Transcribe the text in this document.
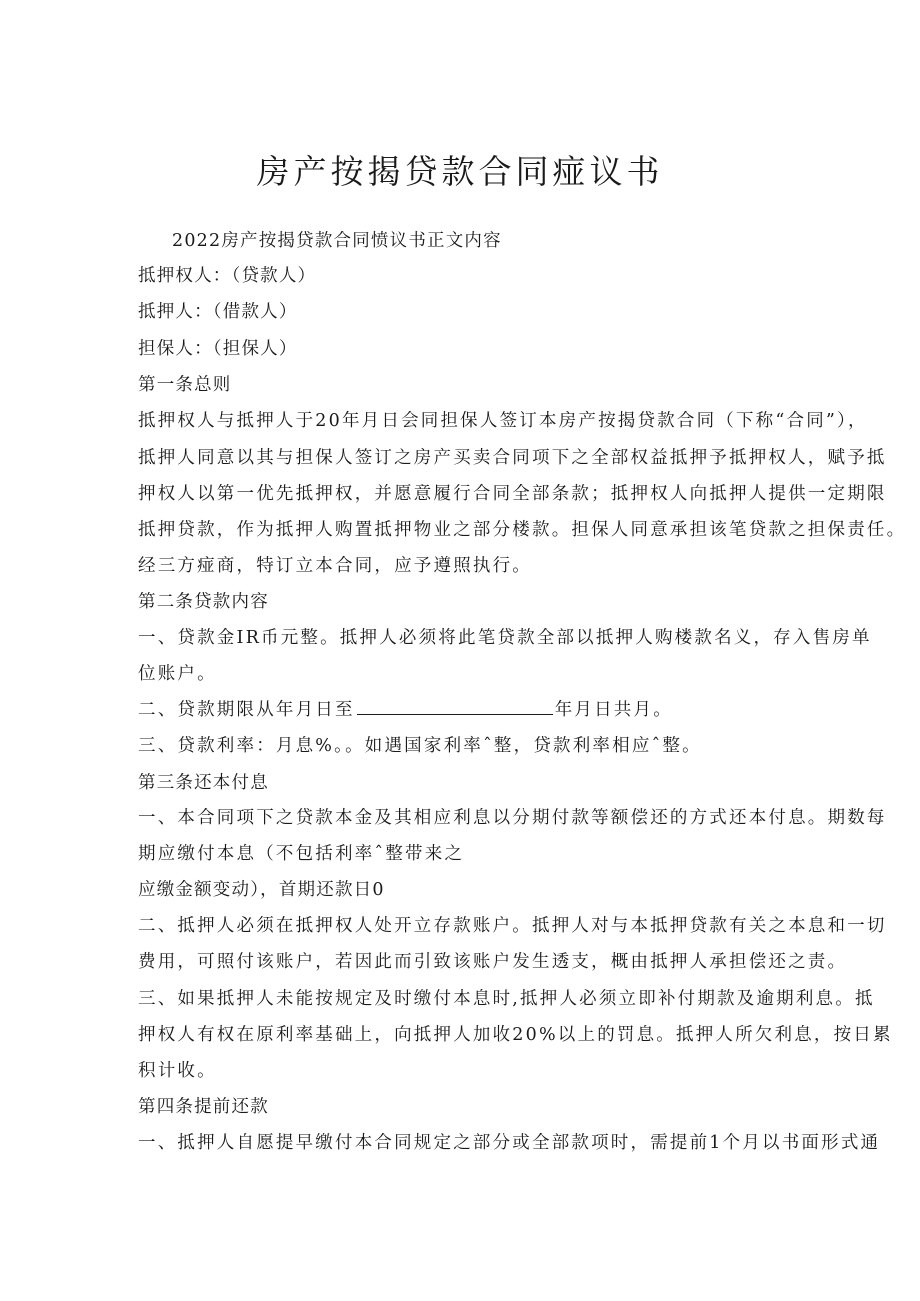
房产按揭贷款合同痖议书

2022房产按揭贷款合同愤议书正文内容

抵押权人：（贷款人）

抵押人：（借款人）

担保人：（担保人）

第一条总则

抵押权人与抵押人于20年月日会同担保人签订本房产按揭贷款合同（下称“合同”），

抵押人同意以其与担保人签订之房产买卖合同项下之全部权益抵押予抵押权人，赋予抵

押权人以第一优先抵押权，并愿意履行合同全部条款；抵押权人向抵押人提供一定期限

抵押贷款，作为抵押人购置抵押物业之部分楼款。担保人同意承担该笔贷款之担保责任。

经三方痖商，特订立本合同，应予遵照执行。

第二条贷款内容

一、贷款金IR币元整。抵押人必须将此笔贷款全部以抵押人购楼款名义，存入售房单

位账户。

二、贷款期限从年月日至	年月日共月。

三、贷款利率：月息%。。如遇国家利率ˆ整，贷款利率相应ˆ整。

第三条还本付息

一、本合同项下之贷款本金及其相应利息以分期付款等额偿还的方式还本付息。期数每

期应缴付本息（不包括利率ˆ整带来之

应缴金额变动），首期还款日0

二、抵押人必须在抵押权人处开立存款账户。抵押人对与本抵押贷款有关之本息和一切

费用，可照付该账户，若因此而引致该账户发生透支，概由抵押人承担偿还之责。

三、如果抵押人未能按规定及时缴付本息时,抵押人必须立即补付期款及逾期利息。抵

押权人有权在原利率基础上，向抵押人加收20%以上的罚息。抵押人所欠利息，按日累

积计收。

第四条提前还款

一、抵押人自愿提早缴付本合同规定之部分或全部款项时，需提前1个月以书面形式通
